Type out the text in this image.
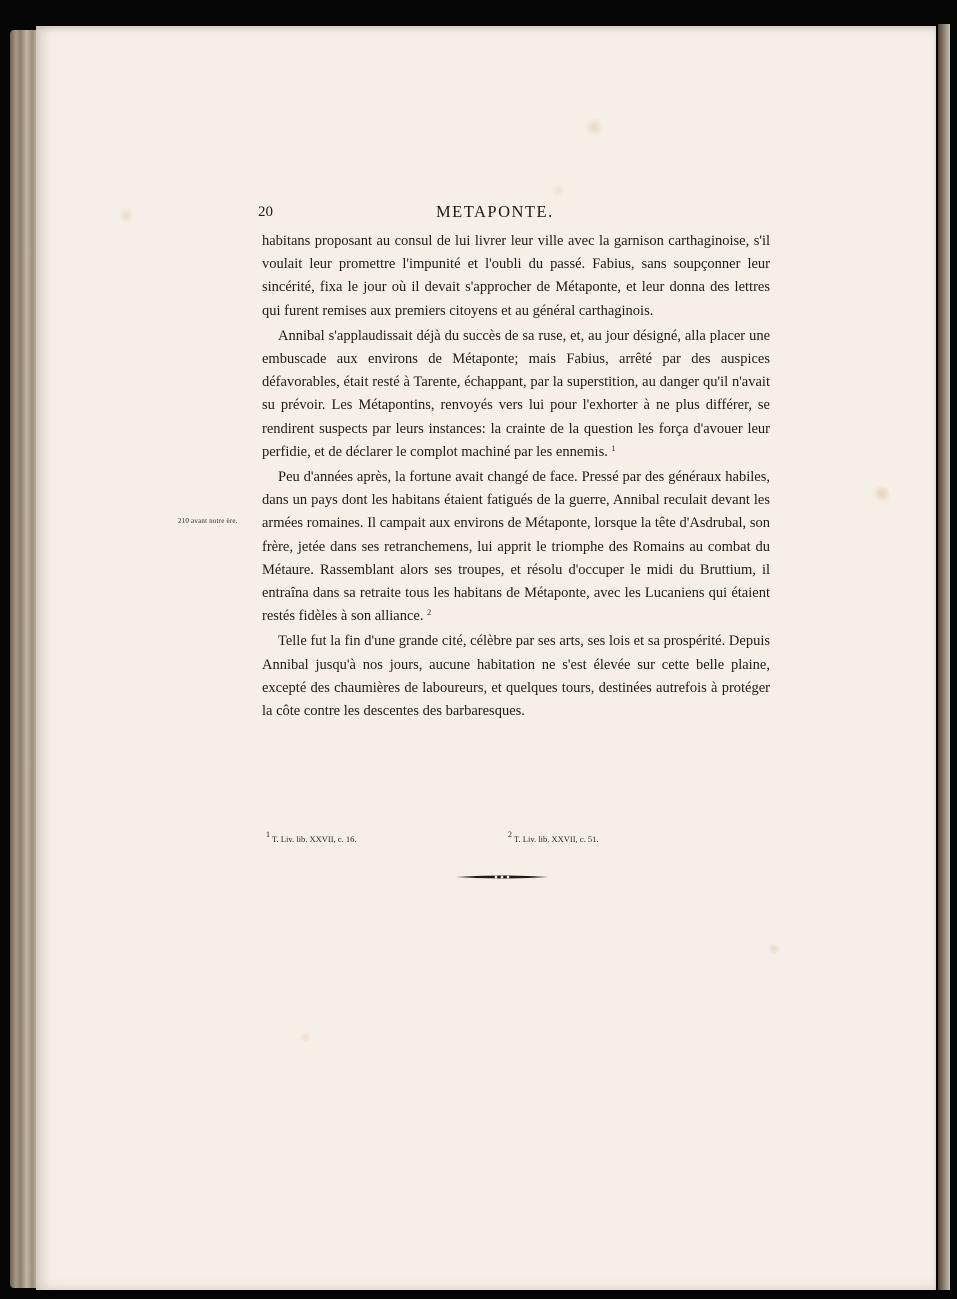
20	METAPONTE.

habitans proposant au consul de lui livrer leur ville avec la garnison carthaginoise, s'il voulait leur promettre l'impunité et l'oubli du passé. Fabius, sans soupçonner leur sincérité, fixa le jour où il devait s'approcher de Métaponte, et leur donna des lettres qui furent remises aux premiers citoyens et au général carthaginois.

Annibal s'applaudissait déjà du succès de sa ruse, et, au jour désigné, alla placer une embuscade aux environs de Métaponte; mais Fabius, arrêté par des auspices défavorables, était resté à Tarente, échappant, par la superstition, au danger qu'il n'avait su prévoir. Les Métapontins, renvoyés vers lui pour l'exhorter à ne plus différer, se rendirent suspects par leurs instances: la crainte de la question les força d'avouer leur perfidie, et de déclarer le complot machiné par les ennemis. $^1$

Peu d'années après, la fortune avait changé de face. Pressé par des généraux habiles, dans un pays dont les habitans étaient fatigués de la guerre, Annibal reculait devant les armées romaines. Il campait aux environs de Métaponte, lorsque la tête d'Asdrubal, son frère, jetée dans ses retranchemens, lui apprit le triomphe des Romains au combat du Métaure. Rassemblant alors ses troupes, et résolu d'occuper le midi du Bruttium, il entraîna dans sa retraite tous les habitans de Métaponte, avec les Lucaniens qui étaient restés fidèles à son alliance. $^2$

Telle fut la fin d'une grande cité, célèbre par ses arts, ses lois et sa prospérité. Depuis Annibal jusqu'à nos jours, aucune habitation ne s'est élevée sur cette belle plaine, excepté des chaumières de laboureurs, et quelques tours, destinées autrefois à protéger la côte contre les descentes des barbaresques.

210 avant notre ère.
$^1$ T. Liv. lib. XXVII, c. 16.	$^2$ T. Liv. lib. XXVII, c. 51.
